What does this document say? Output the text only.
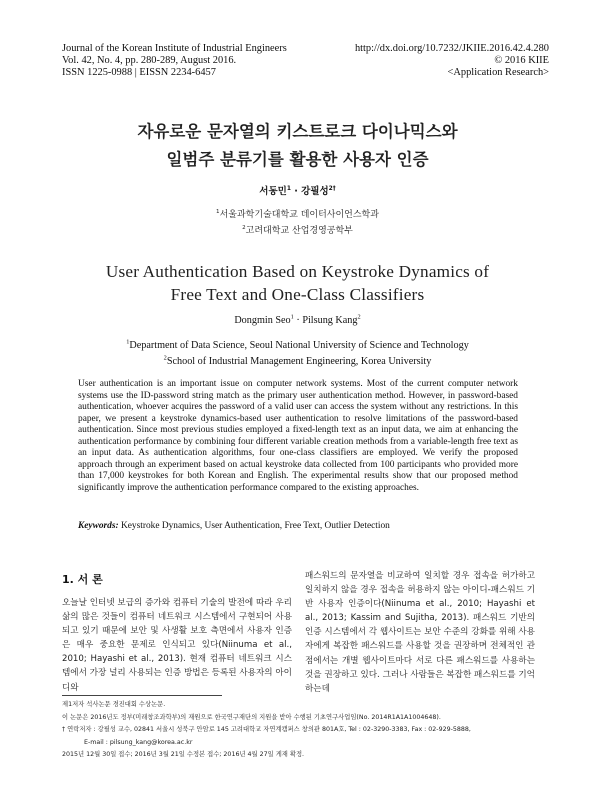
Journal of the Korean Institute of Industrial Engineers
Vol. 42, No. 4, pp. 280-289, August 2016.
ISSN 1225-0988 | EISSN 2234-6457
http://dx.doi.org/10.7232/JKIIE.2016.42.4.280
© 2016 KIIE
<Application Research>
자유로운 문자열의 키스트로크 다이나믹스와
일범주 분류기를 활용한 사용자 인증
서동민$^1$ · 강필성$^{2\dagger}$
$^1$서울과학기술대학교 데이터사이언스학과
$^2$고려대학교 산업경영공학부
User Authentication Based on Keystroke Dynamics of
Free Text and One-Class Classifiers
Dongmin Seo$^1$ · Pilsung Kang$^2$
$^1$Department of Data Science, Seoul National University of Science and Technology
$^2$School of Industrial Management Engineering, Korea University
User authentication is an important issue on computer network systems. Most of the current computer network systems use the ID-password string match as the primary user authentication method. However, in password-based authentication, whoever acquires the password of a valid user can access the system without any restrictions. In this paper, we present a keystroke dynamics-based user authentication to resolve limitations of the password-based authentication. Since most previous studies employed a fixed-length text as an input data, we aim at enhancing the authentication performance by combining four different variable creation methods from a variable-length free text as an input data. As authentication algorithms, four one-class classifiers are employed. We verify the proposed approach through an experiment based on actual keystroke data collected from 100 participants who provided more than 17,000 keystrokes for both Korean and English. The experimental results show that our proposed method significantly improve the authentication performance compared to the existing approaches.
Keywords: Keystroke Dynamics, User Authentication, Free Text, Outlier Detection
1. 서 론
오늘날 인터넷 보급의 증가와 컴퓨터 기술의 발전에 따라 우리 삶의 많은 것들이 컴퓨터 네트워크 시스템에서 구현되어 사용되고 있기 때문에 보안 및 사생활 보호 측면에서 사용자 인증은 매우 중요한 문제로 인식되고 있다(Niinuma et al., 2010; Hayashi et al., 2013). 현재 컴퓨터 네트워크 시스템에서 가장 널리 사용되는 인증 방법은 등록된 사용자의 아이디와
패스워드의 문자열을 비교하여 일치할 경우 접속을 허가하고 일치하지 않을 경우 접속을 허용하지 않는 아이디-패스워드 기반 사용자 인증이다(Niinuma et al., 2010; Hayashi et al., 2013; Kassim and Sujitha, 2013). 패스워드 기반의 인증 시스템에서 각 웹사이트는 보안 수준의 강화를 위해 사용자에게 복잡한 패스워드를 사용할 것을 권장하며 전체적인 관점에서는 개별 웹사이트마다 서로 다른 패스워드를 사용하는 것을 권장하고 있다. 그러나 사람들은 복잡한 패스워드를 기억하는데
제1저자 석사논문 경진대회 수상논문.
이 논문은 2016년도 정부(미래창조과학부)의 재원으로 한국연구재단의 지원을 받아 수행된 기초연구사업임(No. 2014R1A1A1004648).
† 연락저자 : 강필성 교수, 02841 서울시 성북구 안암로 145 고려대학교 자연계캠퍼스 창의관 801A호, Tel : 02-3290-3383, Fax : 02-929-5888,
E-mail : pilsung_kang@korea.ac.kr
2015년 12월 30일 접수; 2016년 3월 21일 수정본 접수; 2016년 4월 27일 게재 확정.
